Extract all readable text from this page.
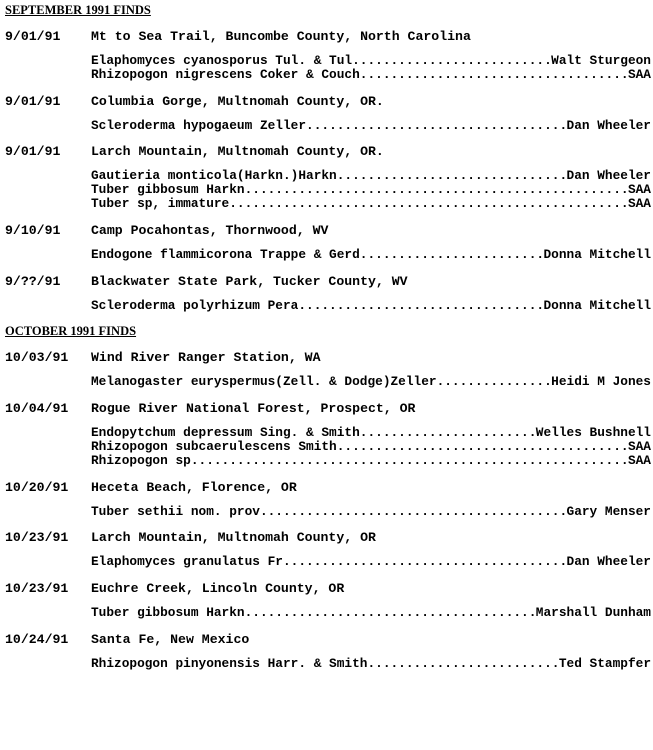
SEPTEMBER 1991 FINDS
9/01/91	Mt to Sea Trail, Buncombe County, North Carolina
Elaphomyces cyanosporus Tul. & Tul .....	Walt Sturgeon
Rhizopogon nigrescens Coker & Couch .....	SAA
9/01/91	Columbia Gorge, Multnomah County, OR.
Scleroderma hypogaeum Zeller .....	Dan Wheeler
9/01/91	Larch Mountain, Multnomah County, OR.
Gautieria monticola(Harkn.)Harkn .....	Dan Wheeler
Tuber gibbosum Harkn .....	SAA
Tuber sp, immature .....	SAA
9/10/91	Camp Pocahontas, Thornwood, WV
Endogone flammicorona Trappe & Gerd .....	Donna Mitchell
9/??/91	Blackwater State Park, Tucker County, WV
Scleroderma polyrhizum Pera .....	Donna Mitchell
OCTOBER 1991 FINDS
10/03/91	Wind River Ranger Station, WA
Melanogaster euryspermus(Zell. & Dodge)Zeller .....	Heidi M Jones
10/04/91	Rogue River National Forest, Prospect, OR
Endopytchum depressum Sing. & Smith .....	Welles Bushnell
Rhizopogon subcaerulescens Smith .....	SAA
Rhizopogon sp .....	SAA
10/20/91	Heceta Beach, Florence, OR
Tuber sethii nom. prov .....	Gary Menser
10/23/91	Larch Mountain, Multnomah County, OR
Elaphomyces granulatus Fr .....	Dan Wheeler
10/23/91	Euchre Creek, Lincoln County, OR
Tuber gibbosum Harkn .....	Marshall Dunham
10/24/91	Santa Fe, New Mexico
Rhizopogon pinyonensis Harr. & Smith .....	Ted Stampfer
